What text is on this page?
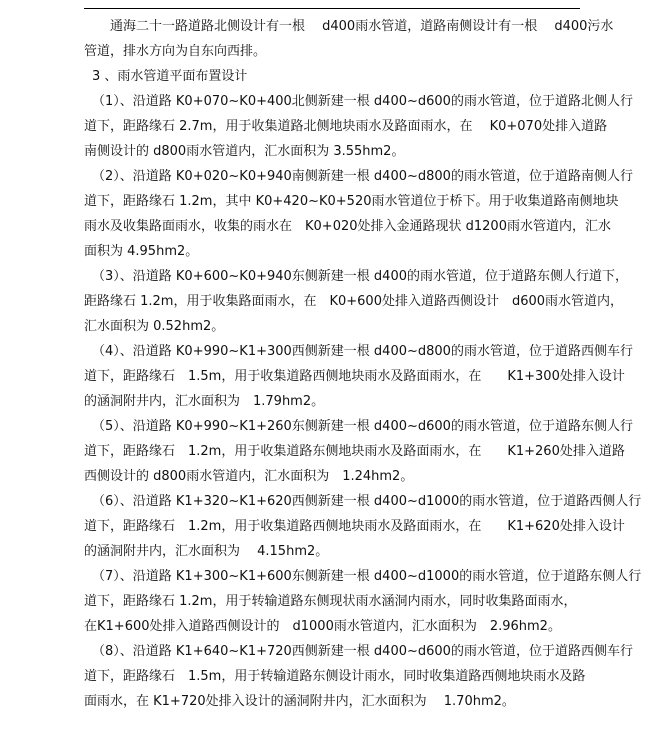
通海二十一路道路北侧设计有一根　 d400雨水管道，道路南侧设计有一根　 d400污水
管道，排水方向为自东向西排。
3 、雨水管道平面布置设计
（1）、沿道路 K0+070~K0+400北侧新建一根 d400~d600的雨水管道，位于道路北侧人行
道下，距路缘石 2.7m，用于收集道路北侧地块雨水及路面雨水，在　 K0+070处排入道路
南侧设计的 d800雨水管道内，汇水面积为 3.55hm2。
（2）、沿道路 K0+020~K0+940南侧新建一根 d400~d800的雨水管道，位于道路南侧人行
道下，距路缘石 1.2m，其中 K0+420~K0+520雨水管道位于桥下。用于收集道路南侧地块
雨水及收集路面雨水，收集的雨水在　K0+020处排入金通路现状 d1200雨水管道内，汇水
面积为 4.95hm2。
（3）、沿道路 K0+600~K0+940东侧新建一根 d400的雨水管道，位于道路东侧人行道下，
距路缘石 1.2m，用于收集路面雨水，在　K0+600处排入道路西侧设计　d600雨水管道内，
汇水面积为 0.52hm2。
（4）、沿道路 K0+990~K1+300西侧新建一根 d400~d800的雨水管道，位于道路西侧车行
道下，距路缘石　1.5m，用于收集道路西侧地块雨水及路面雨水，在　　K1+300处排入设计
的涵洞附井内，汇水面积为　1.79hm2。
（5）、沿道路 K0+990~K1+260东侧新建一根 d400~d600的雨水管道，位于道路东侧人行
道下，距路缘石　1.2m，用于收集道路东侧地块雨水及路面雨水，在　　K1+260处排入道路
西侧设计的 d800雨水管道内，汇水面积为　1.24hm2。
（6）、沿道路 K1+320~K1+620西侧新建一根 d400~d1000的雨水管道，位于道路西侧人行
道下，距路缘石　1.2m，用于收集道路西侧地块雨水及路面雨水，在　　K1+620处排入设计
的涵洞附井内，汇水面积为　 4.15hm2。
（7）、沿道路 K1+300~K1+600东侧新建一根 d400~d1000的雨水管道，位于道路东侧人行
道下，距路缘石 1.2m，用于转输道路东侧现状雨水涵洞内雨水，同时收集路面雨水，
在K1+600处排入道路西侧设计的　d1000雨水管道内，汇水面积为　2.96hm2。
（8）、沿道路 K1+640~K1+720西侧新建一根 d400~d600的雨水管道，位于道路西侧车行
道下，距路缘石　1.5m，用于转输道路东侧设计雨水，同时收集道路西侧地块雨水及路
面雨水，在 K1+720处排入设计的涵洞附井内，汇水面积为　 1.70hm2。
